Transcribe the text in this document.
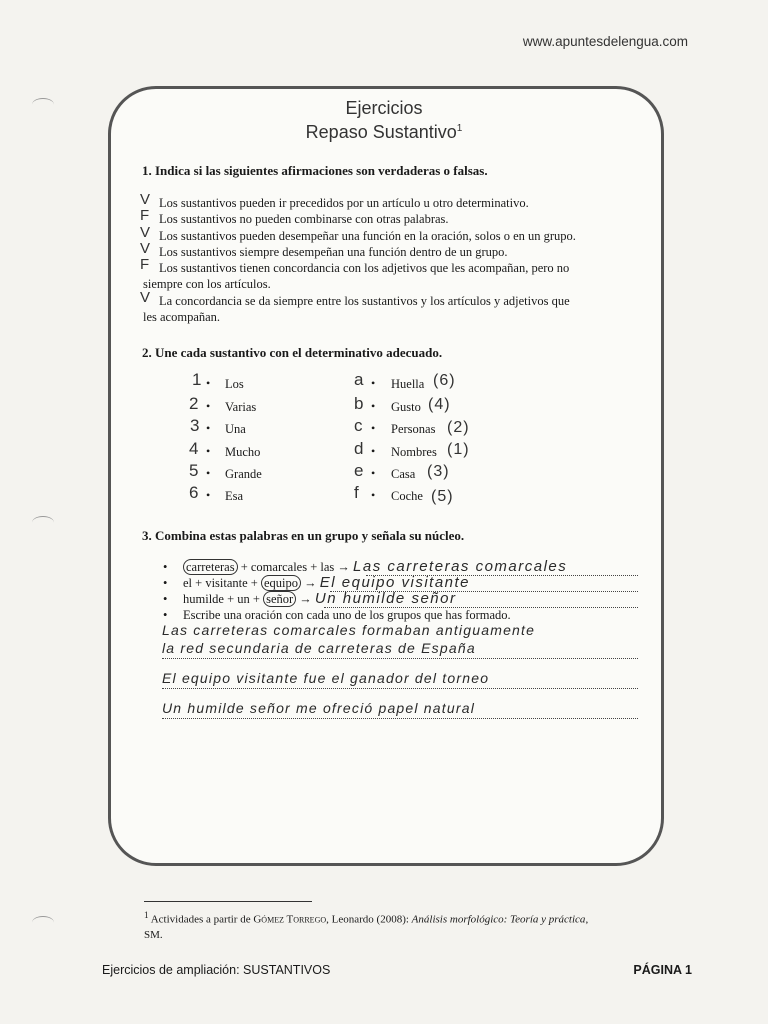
www.apuntesdelengua.com
Ejercicios
Repaso Sustantivo$^1$
1. Indica si las siguientes afirmaciones son verdaderas o falsas.
V Los sustantivos pueden ir precedidos por un artículo u otro determinativo.
F Los sustantivos no pueden combinarse con otras palabras.
V Los sustantivos pueden desempeñar una función en la oración, solos o en un grupo.
V Los sustantivos siempre desempeñan una función dentro de un grupo.
F Los sustantivos tienen concordancia con los adjetivos que les acompañan, pero no
siempre con los artículos.
V La concordancia se da siempre entre los sustantivos y los artículos y adjetivos que
les acompañan.
2. Une cada sustantivo con el determinativo adecuado.
1 • Los
2 • Varias
3 • Una
4 • Mucho
5 • Grande
6 • Esa
a • Huella (6)
b • Gusto (4)
c • Personas (2)
d • Nombres (1)
e • Casa (3)
f • Coche (5)
3. Combina estas palabras en un grupo y señala su núcleo.
• carreteras + comarcales + las → Las carreteras comarcales
• el + visitante + equipo → El equipo visitante
• humilde + un + señor → Un humilde señor
• Escribe una oración con cada uno de los grupos que has formado.
Las carreteras comarcales formaban antiguamente
la red secundaria de carreteras de España
El equipo visitante fue el ganador del torneo
Un humilde señor me ofreció papel natural
$^1$ Actividades a partir de Gómez Torrego, Leonardo (2008): Análisis morfológico: Teoría y práctica,
SM.
Ejercicios de ampliación: SUSTANTIVOS	PÁGINA 1
